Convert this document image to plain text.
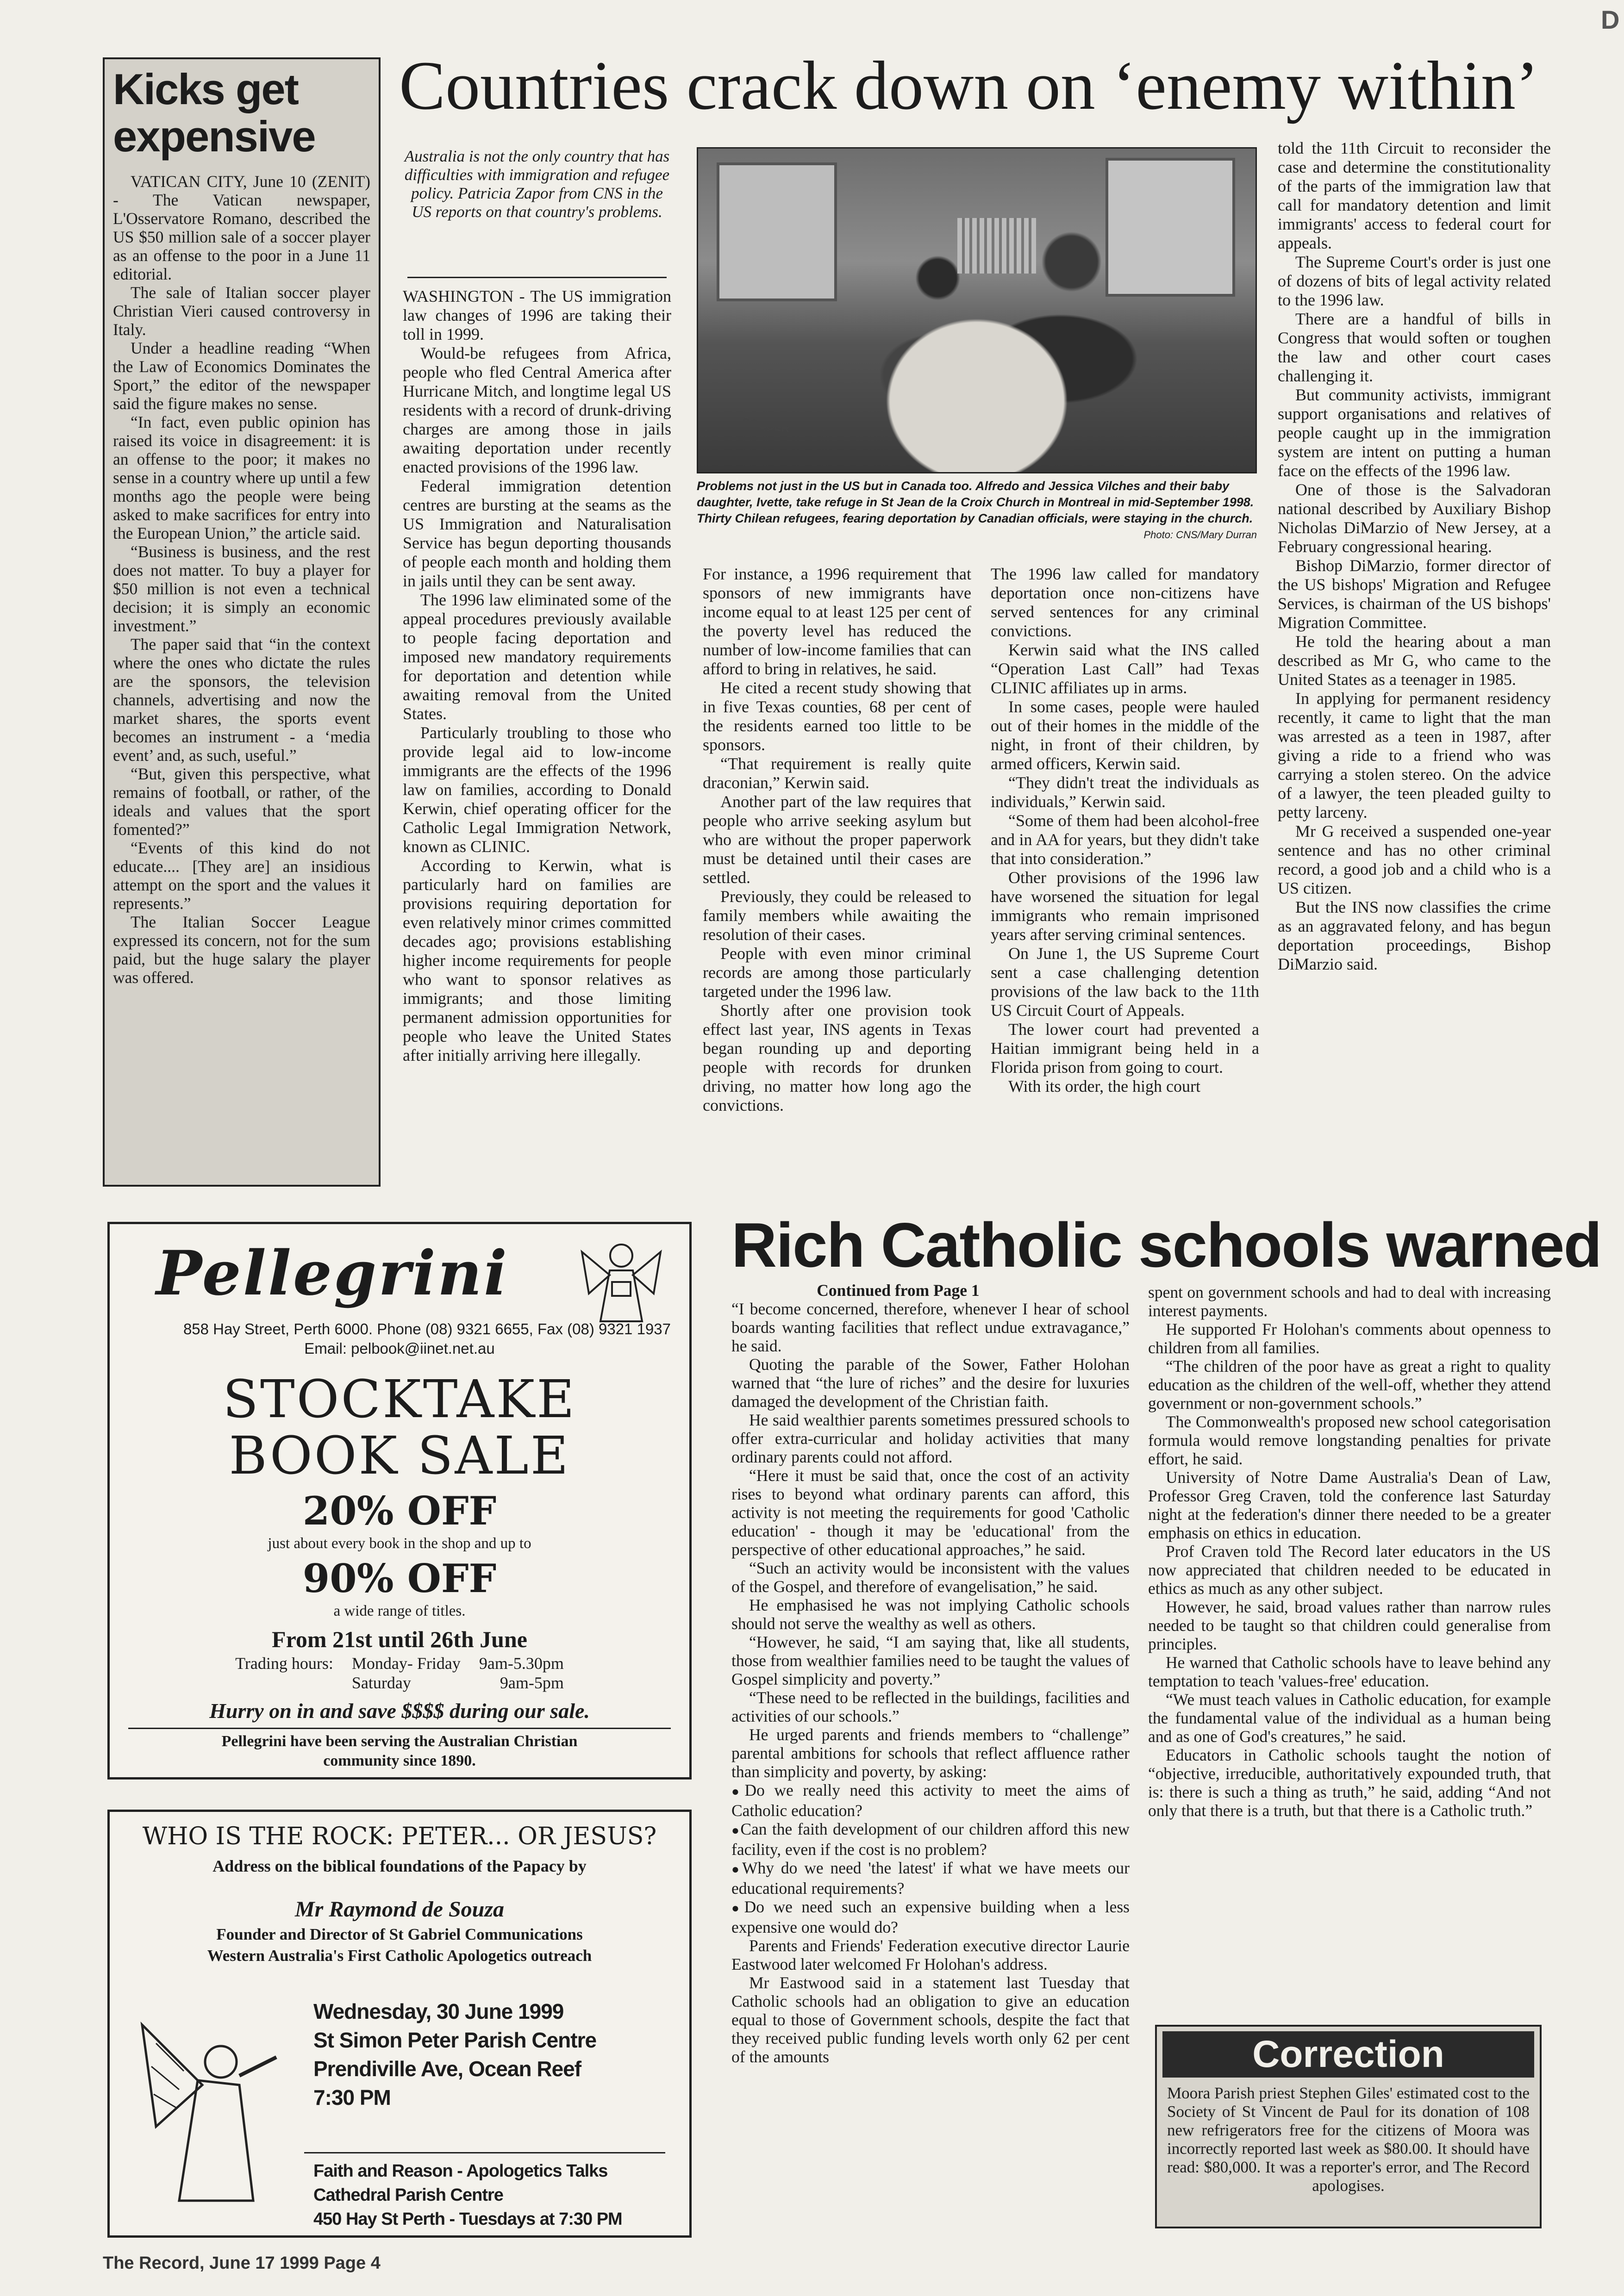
D
Kicks get
expensive

VATICAN CITY, June 10 (ZENIT) - The Vatican newspaper, L'Osservatore Romano, described the US $50 million sale of a soccer player as an offense to the poor in a June 11 editorial.

The sale of Italian soccer player Christian Vieri caused controversy in Italy.

Under a headline reading “When the Law of Economics Dominates the Sport,” the editor of the newspaper said the figure makes no sense.

“In fact, even public opinion has raised its voice in disagreement: it is an offense to the poor; it makes no sense in a country where up until a few months ago the people were being asked to make sacrifices for entry into the European Union,” the article said.

“Business is business, and the rest does not matter. To buy a player for $50 million is not even a technical decision; it is simply an economic investment.”

The paper said that “in the context where the ones who dictate the rules are the sponsors, the television channels, advertising and now the market shares, the sports event becomes an instrument - a ‘media event’ and, as such, useful.”

“But, given this perspective, what remains of football, or rather, of the ideals and values that the sport fomented?”

“Events of this kind do not educate.... [They are] an insidious attempt on the sport and the values it represents.”

The Italian Soccer League expressed its concern, not for the sum paid, but the huge salary the player was offered.

Countries crack down on ‘enemy within’
Australia is not the only country that has difficulties with immigration and refugee policy. Patricia Zapor from CNS in the US reports on that country's problems.

WASHINGTON - The US immigration law changes of 1996 are taking their toll in 1999.

Would-be refugees from Africa, people who fled Central America after Hurricane Mitch, and longtime legal US residents with a record of drunk-driving charges are among those in jails awaiting deportation under recently enacted provisions of the 1996 law.

Federal immigration detention centres are bursting at the seams as the US Immigration and Naturalisation Service has begun deporting thousands of people each month and holding them in jails until they can be sent away.

The 1996 law eliminated some of the appeal procedures previously available to people facing deportation and imposed new mandatory requirements for deportation and detention while awaiting removal from the United States.

Particularly troubling to those who provide legal aid to low-income immigrants are the effects of the 1996 law on families, according to Donald Kerwin, chief operating officer for the Catholic Legal Immigration Network, known as CLINIC.

According to Kerwin, what is particularly hard on families are provisions requiring deportation for even relatively minor crimes committed decades ago; provisions establishing higher income requirements for people who want to sponsor relatives as immigrants; and those limiting permanent admission opportunities for people who leave the United States after initially arriving here illegally.

SOCCER
Problems not just in the US but in Canada too. Alfredo and Jessica Vilches and their baby daughter, Ivette, take refuge in St Jean de la Croix Church in Montreal in mid-September 1998. Thirty Chilean refugees, fearing deportation by Canadian officials, were staying in the church.
Photo: CNS/Mary Durran

For instance, a 1996 requirement that sponsors of new immigrants have income equal to at least 125 per cent of the poverty level has reduced the number of low-income families that can afford to bring in relatives, he said.

He cited a recent study showing that in five Texas counties, 68 per cent of the residents earned too little to be sponsors.

“That requirement is really quite draconian,” Kerwin said.

Another part of the law requires that people who arrive seeking asylum but who are without the proper paperwork must be detained until their cases are settled.

Previously, they could be released to family members while awaiting the resolution of their cases.

People with even minor criminal records are among those particularly targeted under the 1996 law.

Shortly after one provision took effect last year, INS agents in Texas began rounding up and deporting people with records for drunken driving, no matter how long ago the convictions.

The 1996 law called for mandatory deportation once non-citizens have served sentences for any criminal convictions.

Kerwin said what the INS called “Operation Last Call” had Texas CLINIC affiliates up in arms.

In some cases, people were hauled out of their homes in the middle of the night, in front of their children, by armed officers, Kerwin said.

“They didn't treat the individuals as individuals,” Kerwin said.

“Some of them had been alcohol-free and in AA for years, but they didn't take that into consideration.”

Other provisions of the 1996 law have worsened the situation for legal immigrants who remain imprisoned years after serving criminal sentences.

On June 1, the US Supreme Court sent a case challenging detention provisions of the law back to the 11th US Circuit Court of Appeals.

The lower court had prevented a Haitian immigrant being held in a Florida prison from going to court.

With its order, the high court

told the 11th Circuit to reconsider the case and determine the constitutionality of the parts of the immigration law that call for mandatory detention and limit immigrants' access to federal court for appeals.

The Supreme Court's order is just one of dozens of bits of legal activity related to the 1996 law.

There are a handful of bills in Congress that would soften or toughen the law and other court cases challenging it.

But community activists, immigrant support organisations and relatives of people caught up in the immigration system are intent on putting a human face on the effects of the 1996 law.

One of those is the Salvadoran national described by Auxiliary Bishop Nicholas DiMarzio of New Jersey, at a February congressional hearing.

Bishop DiMarzio, former director of the US bishops' Migration and Refugee Services, is chairman of the US bishops' Migration Committee.

He told the hearing about a man described as Mr G, who came to the United States as a teenager in 1985.

In applying for permanent residency recently, it came to light that the man was arrested as a teen in 1987, after giving a ride to a friend who was carrying a stolen stereo. On the advice of a lawyer, the teen pleaded guilty to petty larceny.

Mr G received a suspended one-year sentence and has no other criminal record, a good job and a child who is a US citizen.

But the INS now classifies the crime as an aggravated felony, and has begun deportation proceedings, Bishop DiMarzio said.

Pellegrini
858 Hay Street, Perth 6000. Phone (08) 9321 6655, Fax (08) 9321 1937
Email: pelbook@iinet.net.au
STOCKTAKE
BOOK SALE
20% OFF
just about every book in the shop and up to
90% OFF
a wide range of titles.
From 21st until 26th June
Trading hours: Monday- Friday
Saturday
9am-5.30pm
9am-5pm
Hurry on in and save $$$$ during our sale.
Pellegrini have been serving the Australian Christian
community since 1890.
WHO IS THE ROCK: PETER... OR JESUS?
Address on the biblical foundations of the Papacy by
Mr Raymond de Souza
Founder and Director of St Gabriel Communications
Western Australia's First Catholic Apologetics outreach
Wednesday, 30 June 1999
St Simon Peter Parish Centre
Prendiville Ave, Ocean Reef
7:30 PM
Faith and Reason - Apologetics Talks
Cathedral Parish Centre
450 Hay St Perth - Tuesdays at 7:30 PM
Rich Catholic schools warned
Continued from Page 1

“I become concerned, therefore, whenever I hear of school boards wanting facilities that reflect undue extravagance,” he said.

Quoting the parable of the Sower, Father Holohan warned that “the lure of riches” and the desire for luxuries damaged the development of the Christian faith.

He said wealthier parents sometimes pressured schools to offer extra-curricular and holiday activities that many ordinary parents could not afford.

“Here it must be said that, once the cost of an activity rises to beyond what ordinary parents can afford, this activity is not meeting the requirements for good 'Catholic education' - though it may be 'educational' from the perspective of other educational approaches,” he said.

“Such an activity would be inconsistent with the values of the Gospel, and therefore of evangelisation,” he said.

He emphasised he was not implying Catholic schools should not serve the wealthy as well as others.

“However, he said, “I am saying that, like all students, those from wealthier families need to be taught the values of Gospel simplicity and poverty.”

“These need to be reflected in the buildings, facilities and activities of our schools.”

He urged parents and friends members to “challenge” parental ambitions for schools that reflect affluence rather than simplicity and poverty, by asking:

● Do we really need this activity to meet the aims of Catholic education?

● Can the faith development of our children afford this new facility, even if the cost is no problem?

● Why do we need 'the latest' if what we have meets our educational requirements?

● Do we need such an expensive building when a less expensive one would do?

Parents and Friends' Federation executive director Laurie Eastwood later welcomed Fr Holohan's address.

Mr Eastwood said in a statement last Tuesday that Catholic schools had an obligation to give an education equal to those of Government schools, despite the fact that they received public funding levels worth only 62 per cent of the amounts

spent on government schools and had to deal with increasing interest payments.

He supported Fr Holohan's comments about openness to children from all families.

“The children of the poor have as great a right to quality education as the children of the well-off, whether they attend government or non-government schools.”

The Commonwealth's proposed new school categorisation formula would remove longstanding penalties for private effort, he said.

University of Notre Dame Australia's Dean of Law, Professor Greg Craven, told the conference last Saturday night at the federation's dinner there needed to be a greater emphasis on ethics in education.

Prof Craven told The Record later educators in the US now appreciated that children needed to be educated in ethics as much as any other subject.

However, he said, broad values rather than narrow rules needed to be taught so that children could generalise from principles.

He warned that Catholic schools have to leave behind any temptation to teach 'values-free' education.

“We must teach values in Catholic education, for example the fundamental value of the individual as a human being and as one of God's creatures,” he said.

Educators in Catholic schools taught the notion of “objective, irreducible, authoritatively expounded truth, that is: there is such a thing as truth,” he said, adding “And not only that there is a truth, but that there is a Catholic truth.”

Correction
Moora Parish priest Stephen Giles' estimated cost to the Society of St Vincent de Paul for its donation of 108 new refrigerators free for the citizens of Moora was incorrectly reported last week as $80.00. It should have read: $80,000. It was a reporter's error, and The Record apologises.
The Record, June 17 1999 Page 4
